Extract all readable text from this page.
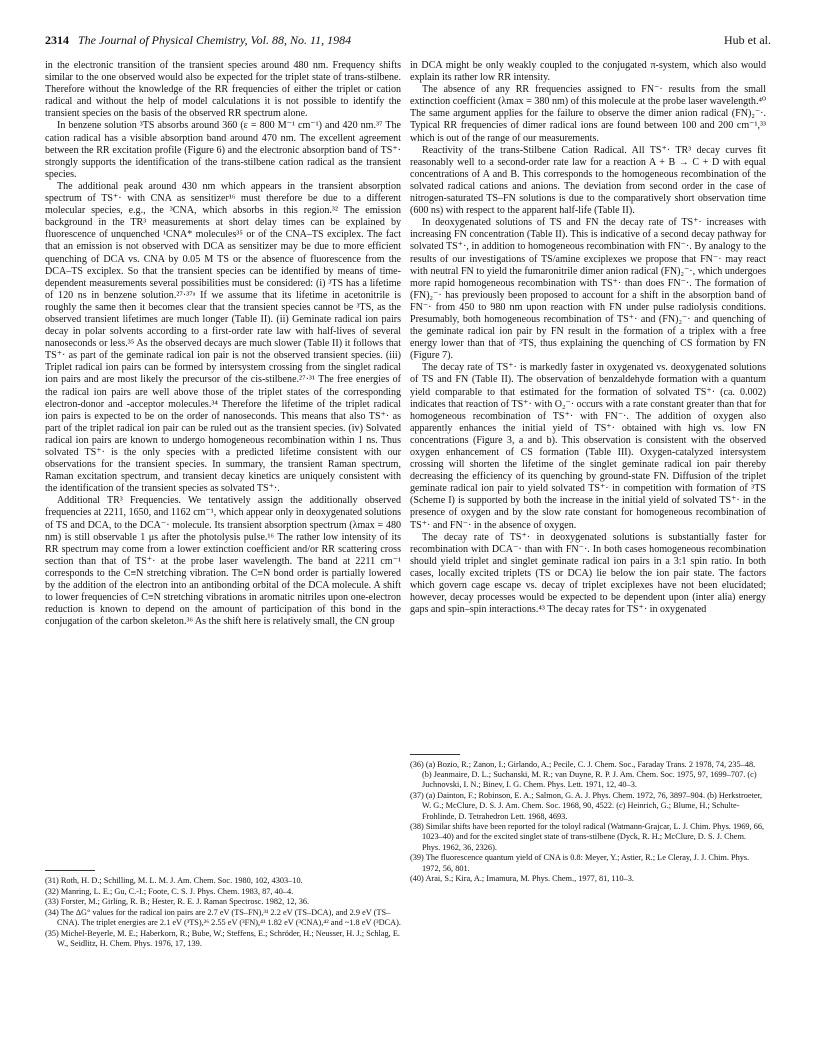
2314 The Journal of Physical Chemistry, Vol. 88, No. 11, 1984	Hub et al.

in the electronic transition of the transient species around 480 nm. Frequency shifts similar to the one observed would also be expected for the triplet state of trans-stilbene. Therefore without the knowledge of the RR frequencies of either the triplet or cation radical and without the help of model calculations it is not possible to identify the transient species on the basis of the observed RR spectrum alone.

In benzene solution ³TS absorbs around 360 (ε = 800 M⁻¹ cm⁻¹) and 420 nm.³⁷ The cation radical has a visible absorption band around 470 nm. The excellent agreement between the RR excitation profile (Figure 6) and the electronic absorption band of TS⁺· strongly supports the identification of the trans-stilbene cation radical as the transient species.

The additional peak around 430 nm which appears in the transient absorption spectrum of TS⁺· with CNA as sensitizer¹⁶ must therefore be due to a different molecular species, e.g., the ³CNA, which absorbs in this region.³² The emission background in the TR³ measurements at short delay times can be explained by fluorescence of unquenched ¹CNA* molecules³⁵ or of the CNA–TS exciplex. The fact that an emission is not observed with DCA as sensitizer may be due to more efficient quenching of DCA vs. CNA by 0.05 M TS or the absence of fluorescence from the DCA–TS exciplex. So that the transient species can be identified by means of time-dependent measurements several possibilities must be considered: (i) ³TS has a lifetime of 120 ns in benzene solution.²⁷·³⁷ᵃ If we assume that its lifetime in acetonitrile is roughly the same then it becomes clear that the transient species cannot be ³TS, as the observed transient lifetimes are much longer (Table II). (ii) Geminate radical ion pairs decay in polar solvents according to a first-order rate law with half-lives of several nanoseconds or less.³⁵ As the observed decays are much slower (Table II) it follows that TS⁺· as part of the geminate radical ion pair is not the observed transient species. (iii) Triplet radical ion pairs can be formed by intersystem crossing from the singlet radical ion pairs and are most likely the precursor of the cis-stilbene.²⁷·³¹ The free energies of the radical ion pairs are well above those of the triplet states of the corresponding electron-donor and -acceptor molecules.³⁴ Therefore the lifetime of the triplet radical ion pairs is expected to be on the order of nanoseconds. This means that also TS⁺· as part of the triplet radical ion pair can be ruled out as the transient species. (iv) Solvated radical ion pairs are known to undergo homogeneous recombination within 1 ns. Thus solvated TS⁺· is the only species with a predicted lifetime consistent with our observations for the transient species. In summary, the transient Raman spectrum, Raman excitation spectrum, and transient decay kinetics are uniquely consistent with the identification of the transient species as solvated TS⁺·.

Additional TR³ Frequencies. We tentatively assign the additionally observed frequencies at 2211, 1650, and 1162 cm⁻¹, which appear only in deoxygenated solutions of TS and DCA, to the DCA⁻· molecule. Its transient absorption spectrum (λmax = 480 nm) is still observable 1 μs after the photolysis pulse.¹⁶ The rather low intensity of its RR spectrum may come from a lower extinction coefficient and/or RR scattering cross section than that of TS⁺· at the probe laser wavelength. The band at 2211 cm⁻¹ corresponds to the C≡N stretching vibration. The C≡N bond order is partially lowered by the addition of the electron into an antibonding orbital of the DCA molecule. A shift to lower frequencies of C≡N stretching vibrations in aromatic nitriles upon one-electron reduction is known to depend on the amount of participation of this bond in the conjugation of the carbon skeleton.³⁶ As the shift here is relatively small, the CN group

in DCA might be only weakly coupled to the conjugated π-system, which also would explain its rather low RR intensity.

The absence of any RR frequencies assigned to FN⁻· results from the small extinction coefficient (λmax = 380 nm) of this molecule at the probe laser wavelength.⁴⁰ The same argument applies for the failure to observe the dimer anion radical (FN)₂⁻·. Typical RR frequencies of dimer radical ions are found between 100 and 200 cm⁻¹,³³ which is out of the range of our measurements.

Reactivity of the trans-Stilbene Cation Radical. All TS⁺· TR³ decay curves fit reasonably well to a second-order rate law for a reaction A + B → C + D with equal concentrations of A and B. This corresponds to the homogeneous recombination of the solvated radical cations and anions. The deviation from second order in the case of nitrogen-saturated TS–FN solutions is due to the comparatively short observation time (600 ns) with respect to the apparent half-life (Table II).

In deoxygenated solutions of TS and FN the decay rate of TS⁺· increases with increasing FN concentration (Table II). This is indicative of a second decay pathway for solvated TS⁺·, in addition to homogeneous recombination with FN⁻·. By analogy to the results of our investigations of TS/amine exciplexes we propose that FN⁻· may react with neutral FN to yield the fumaronitrile dimer anion radical (FN)₂⁻·, which undergoes more rapid homogeneous recombination with TS⁺· than does FN⁻·. The formation of (FN)₂⁻· has previously been proposed to account for a shift in the absorption band of FN⁻· from 450 to 980 nm upon reaction with FN under pulse radiolysis conditions. Presumably, both homogeneous recombination of TS⁺· and (FN)₂⁻· and quenching of the geminate radical ion pair by FN result in the formation of a triplex with a free energy lower than that of ³TS, thus explaining the quenching of CS formation by FN (Figure 7).

The decay rate of TS⁺· is markedly faster in oxygenated vs. deoxygenated solutions of TS and FN (Table II). The observation of benzaldehyde formation with a quantum yield comparable to that estimated for the formation of solvated TS⁺· (ca. 0.002) indicates that reaction of TS⁺· with O₂⁻· occurs with a rate constant greater than that for homogeneous recombination of TS⁺· with FN⁻·. The addition of oxygen also apparently enhances the initial yield of TS⁺· obtained with high vs. low FN concentrations (Figure 3, a and b). This observation is consistent with the observed oxygen enhancement of CS formation (Table III). Oxygen-catalyzed intersystem crossing will shorten the lifetime of the singlet geminate radical ion pair thereby decreasing the efficiency of its quenching by ground-state FN. Diffusion of the triplet geminate radical ion pair to yield solvated TS⁺· in competition with formation of ³TS (Scheme I) is supported by both the increase in the initial yield of solvated TS⁺· in the presence of oxygen and by the slow rate constant for homogeneous recombination of TS⁺· and FN⁻· in the absence of oxygen.

The decay rate of TS⁺· in deoxygenated solutions is substantially faster for recombination with DCA⁻· than with FN⁻·. In both cases homogeneous recombination should yield triplet and singlet geminate radical ion pairs in a 3:1 spin ratio. In both cases, locally excited triplets (TS or DCA) lie below the ion pair state. The factors which govern cage escape vs. decay of triplet exciplexes have not been elucidated; however, decay processes would be expected to be dependent upon (inter alia) energy gaps and spin–spin interactions.⁴³ The decay rates for TS⁺· in oxygenated

(31) Roth, H. D.; Schilling, M. L. M. J. Am. Chem. Soc. 1980, 102, 4303–10.

(32) Manring, L. E.; Gu, C.-I.; Foote, C. S. J. Phys. Chem. 1983, 87, 40–4.

(33) Forster, M.; Girling, R. B.; Hester, R. E. J. Raman Spectrosc. 1982, 12, 36.

(34) The ΔG° values for the radical ion pairs are 2.7 eV (TS–FN),³¹ 2.2 eV (TS–DCA), and 2.9 eV (TS–CNA). The triplet energies are 2.1 eV (³TS),²⁶ 2.55 eV (³FN),⁴¹ 1.82 eV (³CNA),⁴² and ~1.8 eV (³DCA).

(35) Michel-Beyerle, M. E.; Haberkorn, R.; Bube, W.; Steffens, E.; Schröder, H.; Neusser, H. J.; Schlag, E. W., Seidlitz, H. Chem. Phys. 1976, 17, 139.

(36) (a) Bozio, R.; Zanon, I.; Girlando, A.; Pecile, C. J. Chem. Soc., Faraday Trans. 2 1978, 74, 235–48. (b) Jeanmaire, D. L.; Suchanski, M. R.; van Duyne, R. P. J. Am. Chem. Soc. 1975, 97, 1699–707. (c) Juchnovski, I. N.; Binev, I. G. Chem. Phys. Lett. 1971, 12, 40–3.

(37) (a) Dainton, F.; Robinson, E. A.; Salmon, G. A. J. Phys. Chem. 1972, 76, 3897–904. (b) Herkstroeter, W. G.; McClure, D. S. J. Am. Chem. Soc. 1968, 90, 4522. (c) Heinrich, G.; Blume, H.; Schulte-Frohlinde, D. Tetrahedron Lett. 1968, 4693.

(38) Similar shifts have been reported for the toloyl radical (Watmann-Grajcar, L. J. Chim. Phys. 1969, 66, 1023–40) and for the excited singlet state of trans-stilbene (Dyck, R. H.; McClure, D. S. J. Chem. Phys. 1962, 36, 2326).

(39) The fluorescence quantum yield of CNA is 0.8: Meyer, Y.; Astier, R.; Le Cleray, J. J. Chim. Phys. 1972, 56, 801.

(40) Arai, S.; Kira, A.; Imamura, M. Phys. Chem., 1977, 81, 110–3.
